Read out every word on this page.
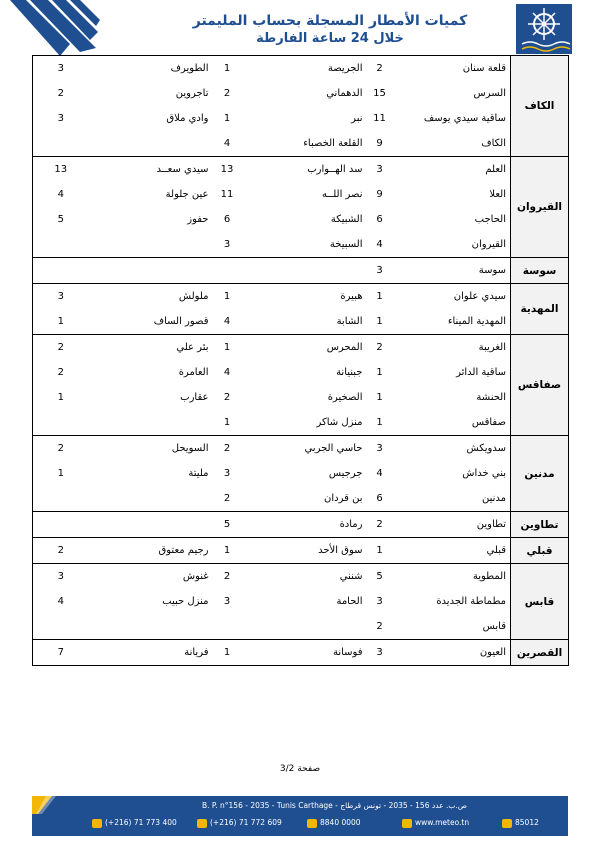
كميات الأمطار المسجلة بحساب المليمتر
خلال 24 ساعة الفارطة
الكاف	قلعة سنان	2	الجريصة	1	الطويرف	3
	السرس	15	الدهماني	2	تاجروين	2
	ساقية سيدي يوسف	11	نبر	1	وادي ملاق	3
	الكاف	9	القلعة الخصباء	4		
القيروان	العلم	3	سد الهــوارب	13	سيدي سعــد	13
	العلا	9	نصر اللــه	11	عين جلولة	4
	الحاجب	6	الشبيكة	6	حفوز	5
	القيروان	4	السبيخة	3		
سوسة	سوسة	3				
المهدية	سيدي علوان	1	هبيرة	1	ملولش	3
	المهدية الميناء	1	الشابة	4	قصور الساف	1
صفاقس	الغريبة	2	المحرس	1	بئر علي	2
	ساقية الدائر	1	جبنيانة	4	العامرة	2
	الحنشة	1	الصخيرة	2	عقارب	1
	صفاقس	1	منزل شاكر	1		
مدنين	سدويكش	3	حاسي الجربي	2	السويحل	2
	بني خداش	4	جرجيس	3	مليتة	1
	مدنين	6	بن قردان	2		
تطاوين	تطاوين	2	رمادة	5		
قبلي	قبلي	1	سوق الأحد	1	رجيم معتوق	2
قابس	المطوية	5	شنني	2	غنوش	3
	مطماطة الجديدة	3	الحامة	3	منزل حبيب	4
	قابس	2				
القصرين	العيون	3	فوسانة	1	فريانة	7
صفحة 3/2
B. P. n°156 - 2035 - Tunis Carthage - ص.ب. عدد 156 - 2035 - تونس قرطاج
(+216) 71 773 400	(+216) 71 772 609	8840 0000	www.meteo.tn	85012
